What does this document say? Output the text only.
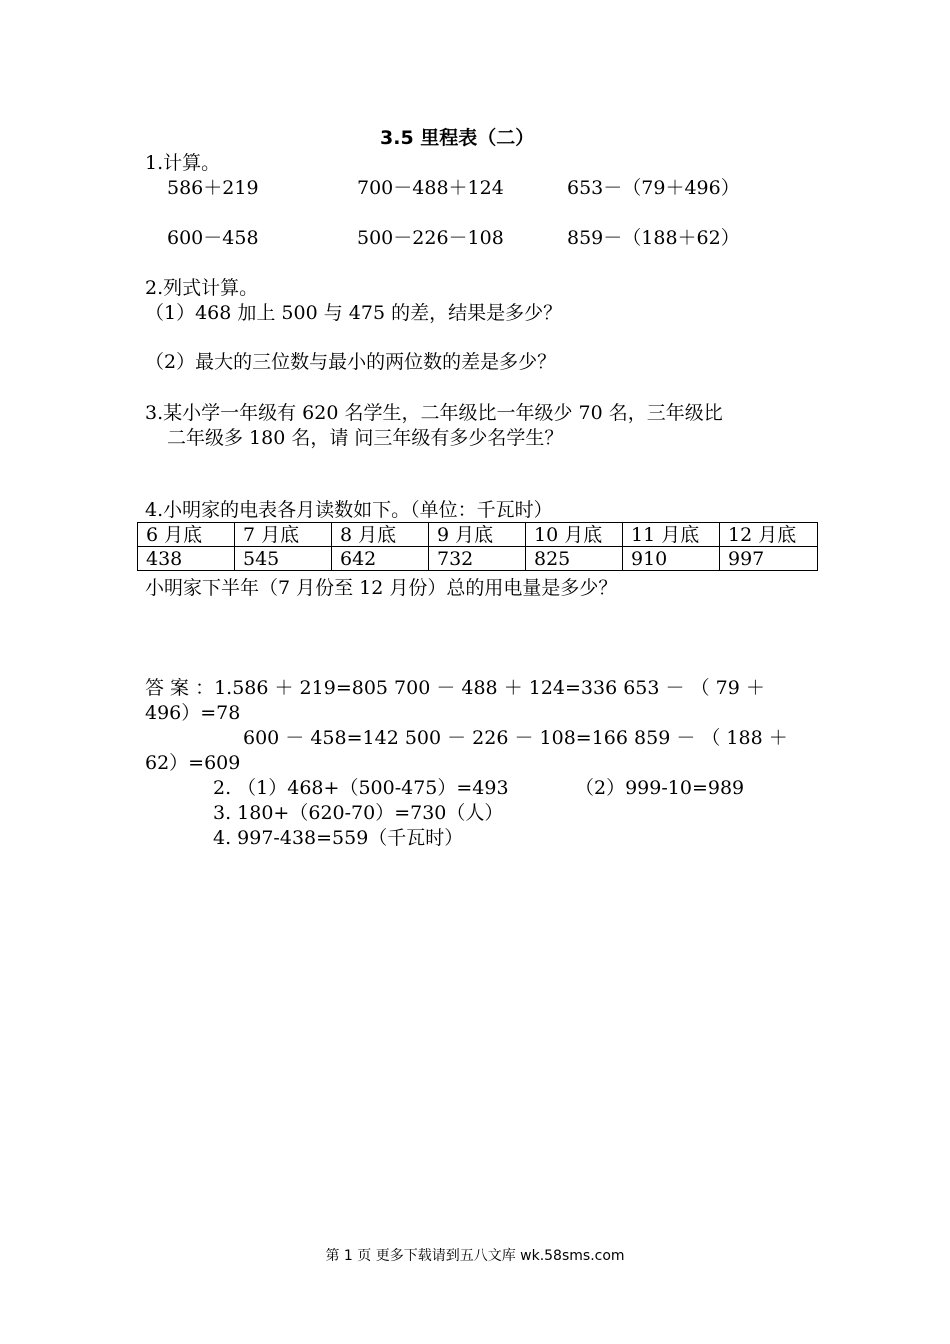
3.5 里程表（二）
1.计算。
586＋219	700－488＋124	653－（79＋496）
600－458	500－226－108	859－（188＋62）
2.列式计算。
（1）468 加上 500 与 475 的差，结果是多少？
（2）最大的三位数与最小的两位数的差是多少？
3.某小学一年级有 620 名学生，二年级比一年级少 70 名，三年级比
二年级多 180 名，请 问三年级有多少名学生？
4.小明家的电表各月读数如下。（单位：千瓦时）
6 月底	7 月底	8 月底	9 月底	10 月底	11 月底	12 月底
438	545	642	732	825	910	997
小明家下半年（7 月份至 12 月份）总的用电量是多少？
答 案 ：1.586 ＋ 219=805 700 － 488 ＋ 124=336 653 － （ 79 ＋
496）=78
600 － 458=142 500 － 226 － 108=166 859 － （ 188 ＋
62）=609
2. （1）468+（500-475）=493	（2）999-10=989
3. 180+（620-70）=730（人）
4. 997-438=559（千瓦时）
第 1 页 更多下载请到五八文库 wk.58sms.com
